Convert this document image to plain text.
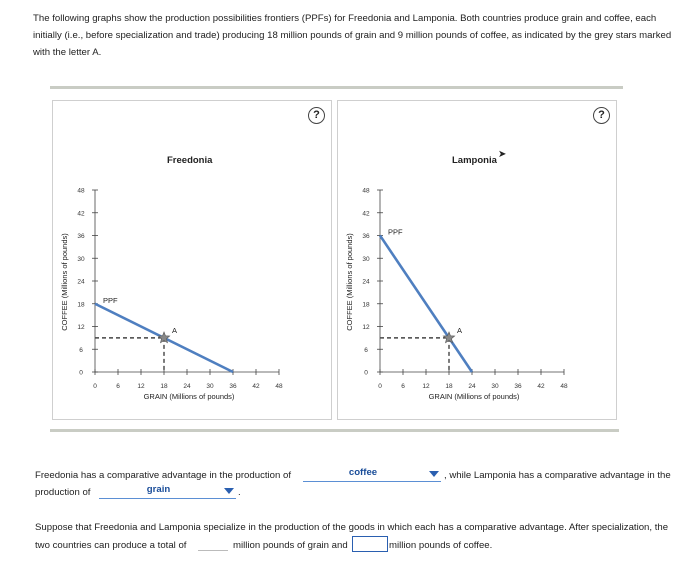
The following graphs show the production possibilities frontiers (PPFs) for Freedonia and Lamponia. Both countries produce grain and coffee, each initially (i.e., before specialization and trade) producing 18 million pounds of grain and 9 million pounds of coffee, as indicated by the grey stars marked with the letter A.
?
Freedonia
0	6	12 18 24 30 36 42 48
0
6
12
18
24
30
36
42
48
GRAIN (Millions of pounds)
COFFEE (Millions of pounds)	PPF
A
?
Lamponia
0	6	12 18 24 30 36 42 48
0
6
12
18
24
30
36
42
48
GRAIN (Millions of pounds)
COFFEE (Millions of pounds)
PPF
A
➤
Freedonia has a comparative advantage in the production of	coffee	, while Lamponia has a comparative advantage in the
production of	grain	.
Suppose that Freedonia and Lamponia specialize in the production of the goods in which each has a comparative advantage. After specialization, the
two countries can produce a total of	million pounds of grain and	million pounds of coffee.
